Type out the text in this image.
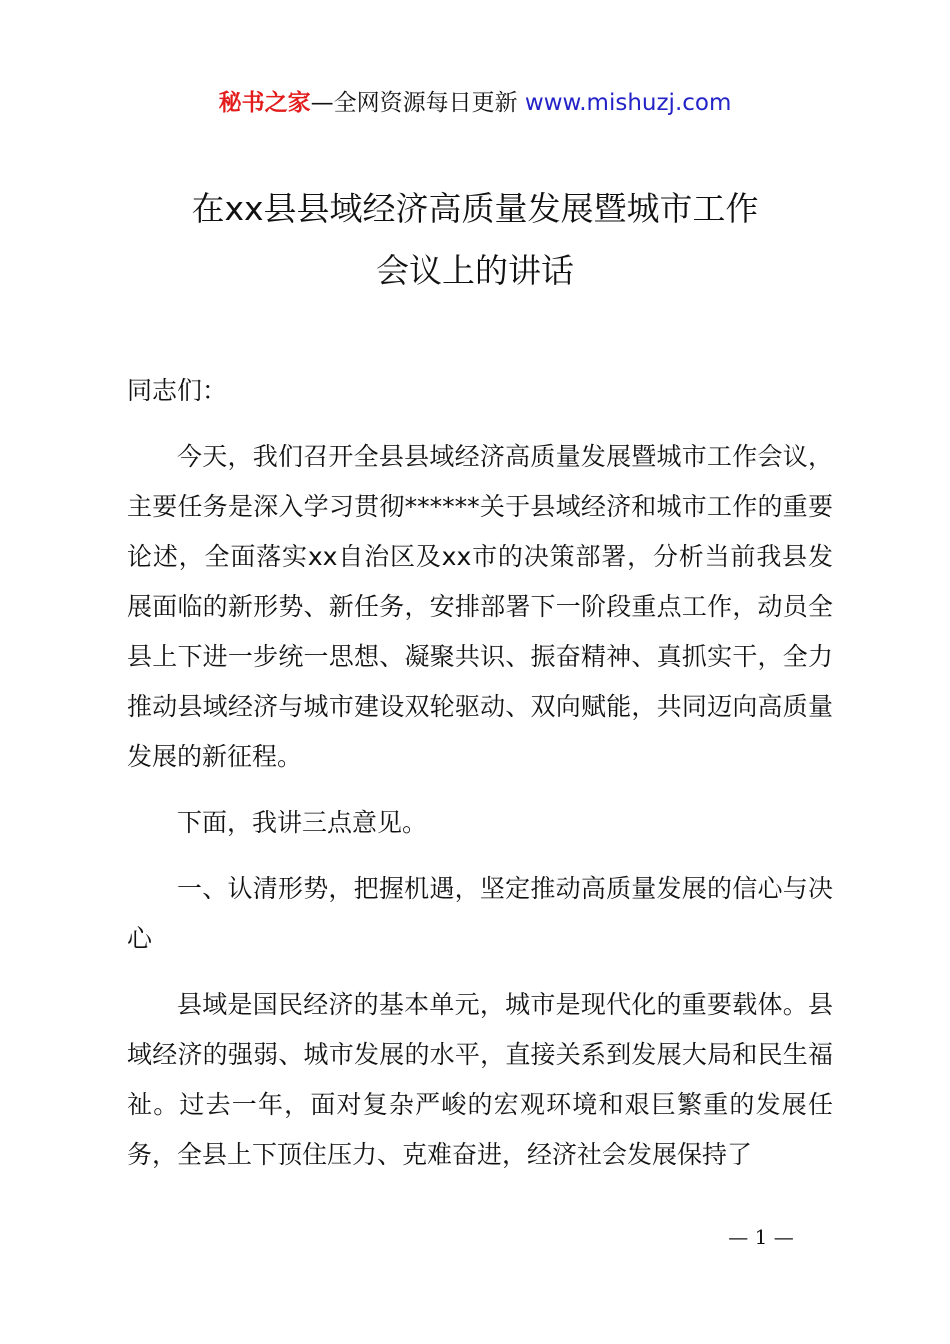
秘书之家—全网资源每日更新 www.mishuzj.com
在xx县县域经济高质量发展暨城市工作
会议上的讲话

同志们：

今天，我们召开全县县域经济高质量发展暨城市工作会议，主要任务是深入学习贯彻******关于县域经济和城市工作的重要论述，全面落实xx自治区及xx市的决策部署，分析当前我县发展面临的新形势、新任务，安排部署下一阶段重点工作，动员全县上下进一步统一思想、凝聚共识、振奋精神、真抓实干，全力推动县域经济与城市建设双轮驱动、双向赋能，共同迈向高质量发展的新征程。

下面，我讲三点意见。

一、认清形势，把握机遇，坚定推动高质量发展的信心与决心

县域是国民经济的基本单元，城市是现代化的重要载体。县域经济的强弱、城市发展的水平，直接关系到发展大局和民生福祉。过去一年，面对复杂严峻的宏观环境和艰巨繁重的发展任务，全县上下顶住压力、克难奋进，经济社会发展保持了

— 1 —
